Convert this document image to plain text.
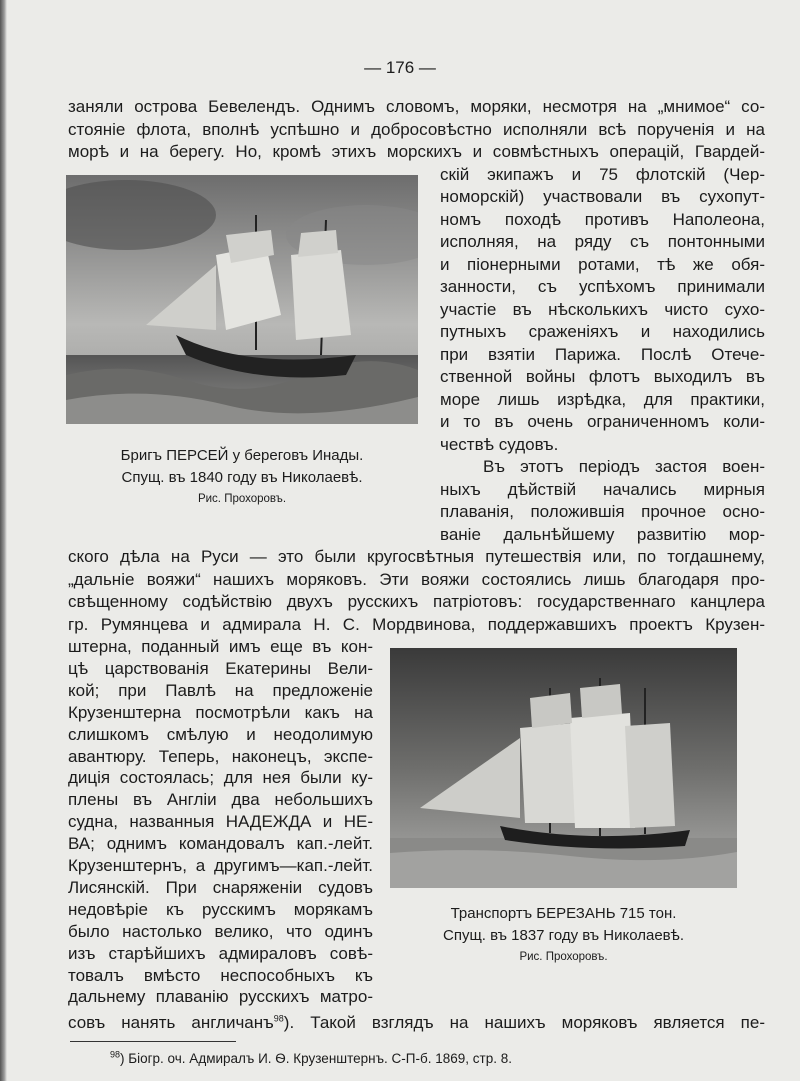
— 176 —
заняли острова Бевелендъ. Однимъ словомъ, моряки, несмотря на „мнимое“ со-
стояніе флота, вполнѣ успѣшно и добросовѣстно исполняли всѣ порученія и на
морѣ и на берегу. Но, кромѣ этихъ морскихъ и совмѣстныхъ операцій, Гвардей-
скій экипажъ и 75 флотскій (Чер-
номорскій) участвовали въ сухопут-
номъ походѣ противъ Наполеона,
исполняя, на ряду съ понтонными
и піонерными ротами, тѣ же обя-
занности, съ успѣхомъ принимали
участіе въ нѣсколькихъ чисто сухо-
путныхъ сраженіяхъ и находились
при взятіи Парижа. Послѣ Отече-
ственной войны флотъ выходилъ въ
море лишь изрѣдка, для практики,
и то въ очень ограниченномъ коли-
чествѣ судовъ.
Въ этотъ періодъ застоя воен-
ныхъ дѣйствій начались мирныя
плаванія, положившія прочное осно-
ваніе дальнѣйшему развитію мор-
ского дѣла на Руси — это были кругосвѣтныя путешествія или, по тогдашнему,
„дальніе вояжи“ нашихъ моряковъ. Эти вояжи состоялись лишь благодаря про-
свѣщенному содѣйствію двухъ русскихъ патріотовъ: государственнаго канцлера
гр. Румянцева и адмирала Н. С. Мордвинова, поддержавшихъ проектъ Крузен-
штерна, поданный имъ еще въ кон-
цѣ царствованія Екатерины Вели-
кой; при Павлѣ на предложеніе
Крузенштерна посмотрѣли какъ на
слишкомъ смѣлую и неодолимую
авантюру. Теперь, наконецъ, экспе-
диція состоялась; для нея были ку-
плены въ Англіи два небольшихъ
судна, названныя НАДЕЖДА и НЕ-
ВА; однимъ командовалъ кап.-лейт.
Крузенштернъ, а другимъ—кап.-лейт.
Лисянскій. При снаряженіи судовъ
недовѣріе къ русскимъ морякамъ
было настолько велико, что одинъ
изъ старѣйшихъ адмираловъ совѣ-
товалъ вмѣсто неспособныхъ къ
дальнему плаванію русскихъ матро-
совъ нанять англичанъ$^{98}$). Такой взглядъ на нашихъ моряковъ является пе-
Бригъ ПЕРСЕЙ у береговъ Инады.
Спущ. въ 1840 году въ Николаевѣ.
Рис. Прохоровъ.
Транспортъ БЕРЕЗАНЬ 715 тон.
Спущ. въ 1837 году въ Николаевѣ.
Рис. Прохоровъ.
$^{98}$) Біогр. оч. Адмиралъ И. Ѳ. Крузенштернъ. С-П-б. 1869, стр. 8.
